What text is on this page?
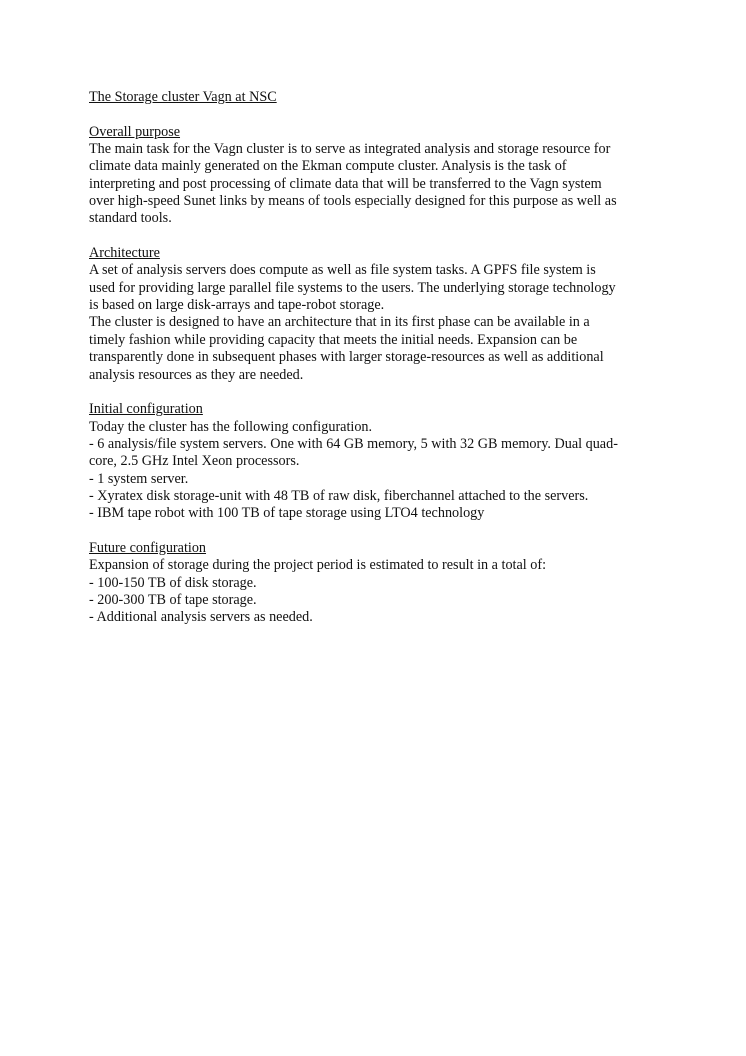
The Storage cluster Vagn at NSC

Overall purpose

The main task for the Vagn cluster is to serve as integrated analysis and storage resource for
climate data mainly generated on the Ekman compute cluster. Analysis is the task of
interpreting and post processing of climate data that will be transferred to the Vagn system
over high-speed Sunet links by means of tools especially designed for this purpose as well as
standard tools.

Architecture

A set of analysis servers does compute as well as file system tasks. A GPFS file system is
used for providing large parallel file systems to the users. The underlying storage technology
is based on large disk-arrays and tape-robot storage.

The cluster is designed to have an architecture that in its first phase can be available in a
timely fashion while providing capacity that meets the initial needs. Expansion can be
transparently done in subsequent phases with larger storage-resources as well as additional
analysis resources as they are needed.

Initial configuration

Today the cluster has the following configuration.
- 6 analysis/file system servers. One with 64 GB memory, 5 with 32 GB memory. Dual quad-
core, 2.5 GHz Intel Xeon processors.
- 1 system server.
- Xyratex disk storage-unit with 48 TB of raw disk, fiberchannel attached to the servers.
- IBM tape robot with 100 TB of tape storage using LTO4 technology

Future configuration

Expansion of storage during the project period is estimated to result in a total of:
- 100-150 TB of disk storage.
- 200-300 TB of tape storage.
- Additional analysis servers as needed.
